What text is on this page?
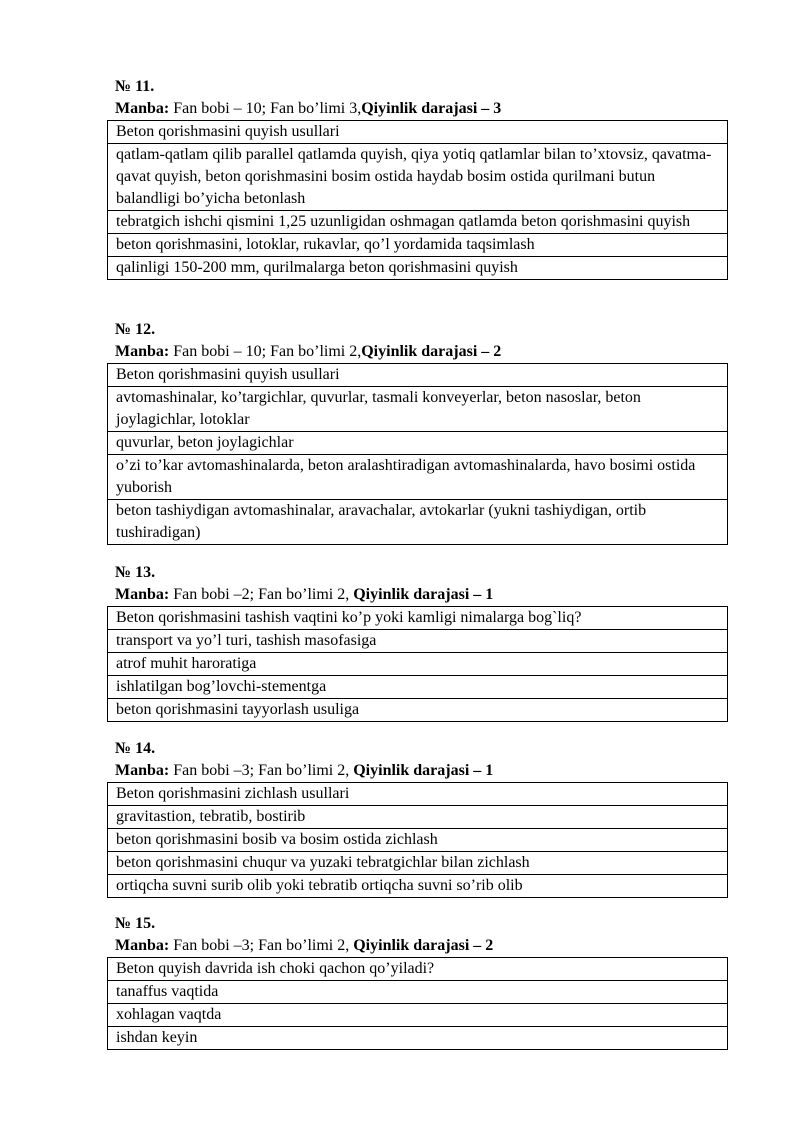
№ 11.
Manba: Fan bobi – 10; Fan bo’limi 3,Qiyinlik darajasi – 3
Beton qorishmasini quyish usullari
qatlam-qatlam qilib parallel qatlamda quyish, qiya yotiq qatlamlar bilan to’xtovsiz, qavatma-qavat quyish, beton qorishmasini bosim ostida haydab bosim ostida qurilmani butun balandligi bo’yicha betonlash
tebratgich ishchi qismini 1,25 uzunligidan oshmagan qatlamda beton qorishmasini quyish
beton qorishmasini, lotoklar, rukavlar, qo’l yordamida taqsimlash
qalinligi 150-200 mm, qurilmalarga beton qorishmasini quyish
№ 12.
Manba: Fan bobi – 10; Fan bo’limi 2,Qiyinlik darajasi – 2
Beton qorishmasini quyish usullari
avtomashinalar, ko’targichlar, quvurlar, tasmali konveyerlar, beton nasoslar, beton joylagichlar, lotoklar
quvurlar, beton joylagichlar
o’zi to’kar avtomashinalarda, beton aralashtiradigan avtomashinalarda, havo bosimi ostida yuborish
beton tashiydigan avtomashinalar, aravachalar, avtokarlar (yukni tashiydigan, ortib tushiradigan)
№ 13.
Manba: Fan bobi –2; Fan bo’limi 2, Qiyinlik darajasi – 1
Beton qorishmasini tashish vaqtini ko’p yoki kamligi nimalarga bog`liq?
transport va yo’l turi, tashish masofasiga
atrof muhit haroratiga
ishlatilgan bog’lovchi-stementga
beton qorishmasini tayyorlash usuliga
№ 14.
Manba: Fan bobi –3; Fan bo’limi 2, Qiyinlik darajasi – 1
Beton qorishmasini zichlash usullari
gravitastion, tebratib, bostirib
beton qorishmasini bosib va bosim ostida zichlash
beton qorishmasini chuqur va yuzaki tebratgichlar bilan zichlash
ortiqcha suvni surib olib yoki tebratib ortiqcha suvni so’rib olib
№ 15.
Manba: Fan bobi –3; Fan bo’limi 2, Qiyinlik darajasi – 2
Beton quyish davrida ish choki qachon qo’yiladi?
tanaffus vaqtida
xohlagan vaqtda
ishdan keyin
